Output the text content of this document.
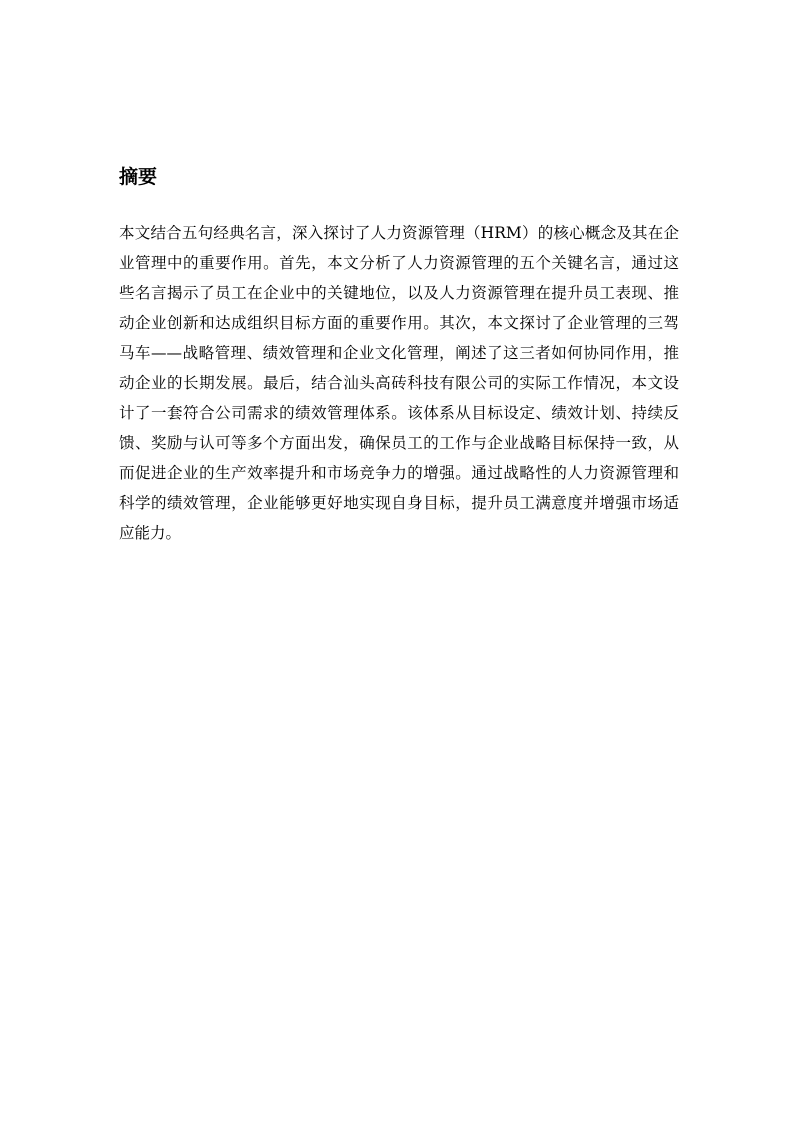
摘要
本文结合五句经典名言，深入探讨了人力资源管理（HRM）的核心概念及其在企
业管理中的重要作用。首先，本文分析了人力资源管理的五个关键名言，通过这
些名言揭示了员工在企业中的关键地位，以及人力资源管理在提升员工表现、推
动企业创新和达成组织目标方面的重要作用。其次，本文探讨了企业管理的三驾
马车——战略管理、绩效管理和企业文化管理，阐述了这三者如何协同作用，推
动企业的长期发展。最后，结合汕头高砖科技有限公司的实际工作情况，本文设
计了一套符合公司需求的绩效管理体系。该体系从目标设定、绩效计划、持续反
馈、奖励与认可等多个方面出发，确保员工的工作与企业战略目标保持一致，从
而促进企业的生产效率提升和市场竞争力的增强。通过战略性的人力资源管理和
科学的绩效管理，企业能够更好地实现自身目标，提升员工满意度并增强市场适
应能力。
